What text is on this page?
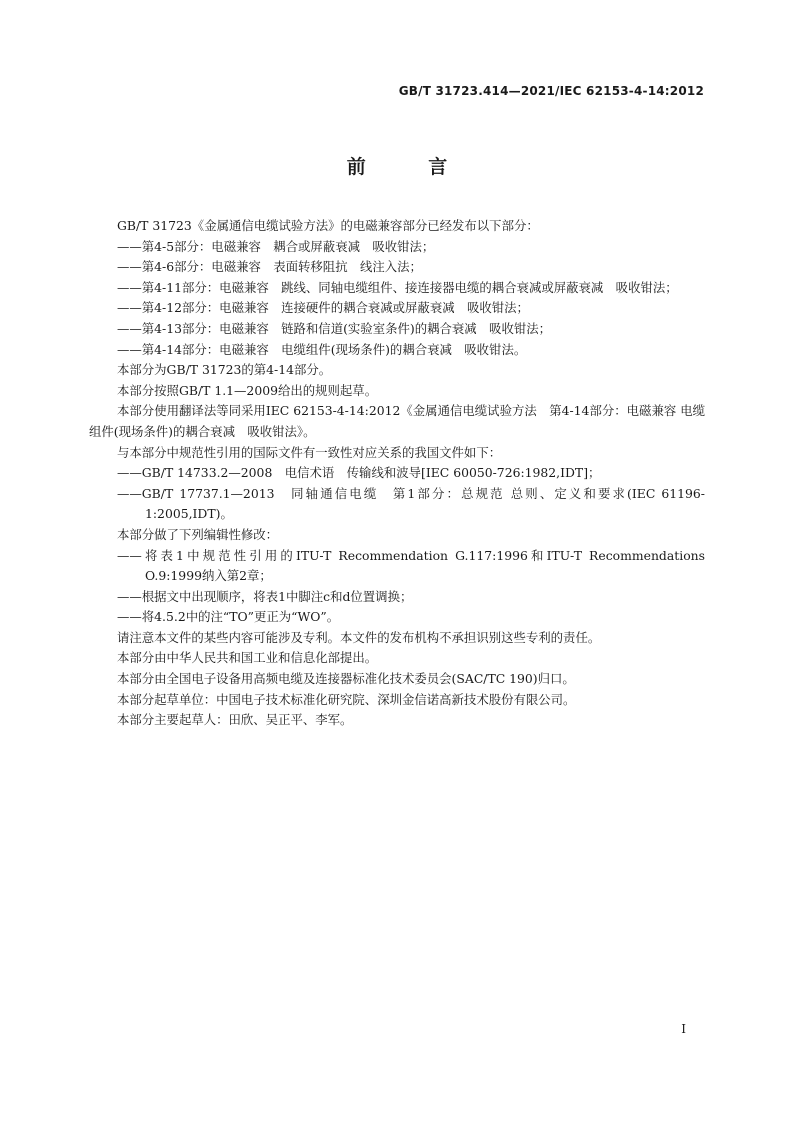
GB/T 31723.414—2021/IEC 62153-4-14:2012
前 言
GB/T 31723《金属通信电缆试验方法》的电磁兼容部分已经发布以下部分：
——第4-5部分：电磁兼容　耦合或屏蔽衰减　吸收钳法；
——第4-6部分：电磁兼容　表面转移阻抗　线注入法；
——第4-11部分：电磁兼容　跳线、同轴电缆组件、接连接器电缆的耦合衰减或屏蔽衰减　吸收钳法；
——第4-12部分：电磁兼容　连接硬件的耦合衰减或屏蔽衰减　吸收钳法；
——第4-13部分：电磁兼容　链路和信道(实验室条件)的耦合衰减　吸收钳法；
——第4-14部分：电磁兼容　电缆组件(现场条件)的耦合衰减　吸收钳法。
本部分为GB/T 31723的第4-14部分。
本部分按照GB/T 1.1—2009给出的规则起草。
本部分使用翻译法等同采用IEC 62153-4-14:2012《金属通信电缆试验方法　第4-14部分：电磁兼容 电缆组件(现场条件)的耦合衰减　吸收钳法》。
与本部分中规范性引用的国际文件有一致性对应关系的我国文件如下：
——GB/T 14733.2—2008　电信术语　传输线和波导[IEC 60050-726:1982,IDT]；
——GB/T 17737.1—2013　同轴通信电缆　第1部分：总规范 总则、定义和要求(IEC 61196-1:2005,IDT)。
本部分做了下列编辑性修改：
——将表1中规范性引用的ITU-T Recommendation G.117:1996和ITU-T Recommendations O.9:1999纳入第2章；
——根据文中出现顺序，将表1中脚注c和d位置调换；
——将4.5.2中的注“TO”更正为“WO”。
请注意本文件的某些内容可能涉及专利。本文件的发布机构不承担识别这些专利的责任。
本部分由中华人民共和国工业和信息化部提出。
本部分由全国电子设备用高频电缆及连接器标准化技术委员会(SAC/TC 190)归口。
本部分起草单位：中国电子技术标准化研究院、深圳金信诺高新技术股份有限公司。
本部分主要起草人：田欣、吴正平、李军。
I
